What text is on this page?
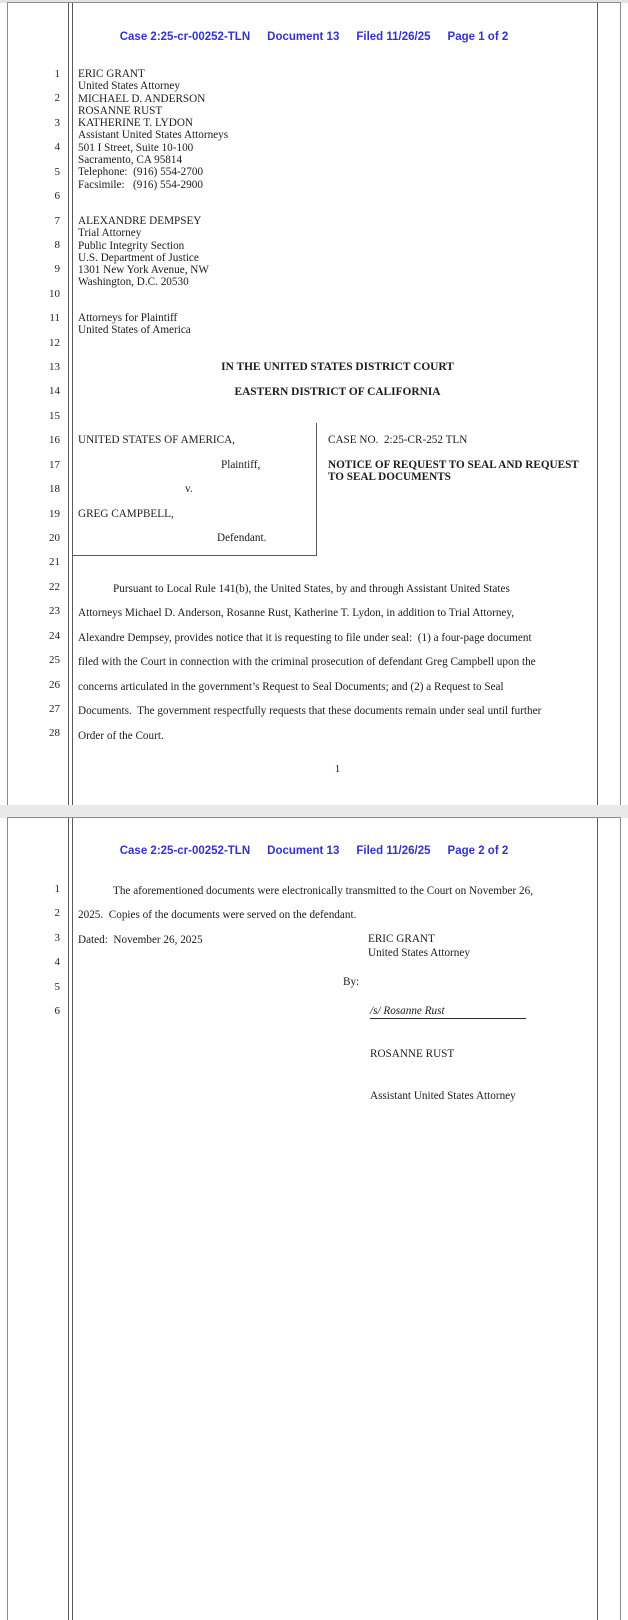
Case 2:25-cr-00252-TLN Document 13 Filed 11/26/25 Page 1 of 2
1
2
3
4
5
6
7
8
9
10
11
12
13
14
15
16
17
18
19
20
21
22
23
24
25
26
27
28
ERIC GRANT
United States Attorney
MICHAEL D. ANDERSON
ROSANNE RUST
KATHERINE T. LYDON
Assistant United States Attorneys
501 I Street, Suite 10-100
Sacramento, CA 95814
Telephone:  (916) 554-2700
Facsimile:   (916) 554-2900
ALEXANDRE DEMPSEY
Trial Attorney
Public Integrity Section
U.S. Department of Justice
1301 New York Avenue, NW
Washington, D.C. 20530
Attorneys for Plaintiff
United States of America
IN THE UNITED STATES DISTRICT COURT
EASTERN DISTRICT OF CALIFORNIA
UNITED STATES OF AMERICA,
Plaintiff,
v.
GREG CAMPBELL,
Defendant.
CASE NO.  2:25-CR-252 TLN
NOTICE OF REQUEST TO SEAL AND REQUEST
TO SEAL DOCUMENTS
Pursuant to Local Rule 141(b), the United States, by and through Assistant United States
Attorneys Michael D. Anderson, Rosanne Rust, Katherine T. Lydon, in addition to Trial Attorney,
Alexandre Dempsey, provides notice that it is requesting to file under seal:  (1) a four-page document
filed with the Court in connection with the criminal prosecution of defendant Greg Campbell upon the
concerns articulated in the government’s Request to Seal Documents; and (2) a Request to Seal
Documents.  The government respectfully requests that these documents remain under seal until further
Order of the Court.
1
Case 2:25-cr-00252-TLN Document 13 Filed 11/26/25 Page 2 of 2
1
2
3
4
5
6
The aforementioned documents were electronically transmitted to the Court on November 26,
2025.  Copies of the documents were served on the defendant.
Dated:  November 26, 2025	ERIC GRANT
United States Attorney
By:

/s/ Rosanne Rust

ROSANNE RUST

Assistant United States Attorney
